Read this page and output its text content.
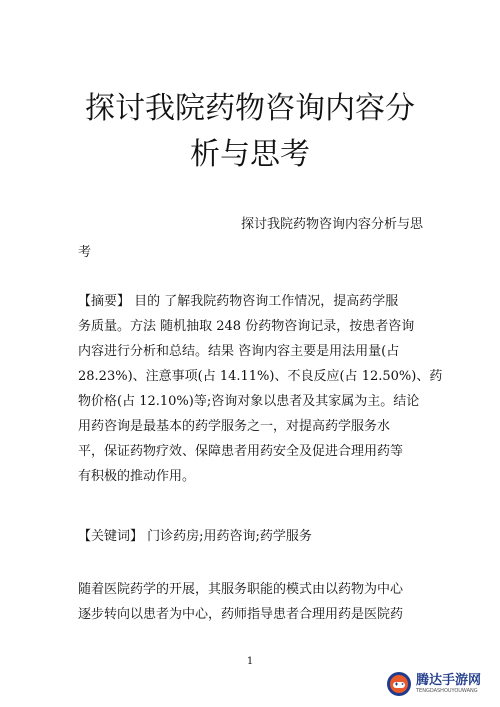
探讨我院药物咨询内容分
析与思考
探讨我院药物咨询内容分析与思
考
【摘要】 目的 了解我院药物咨询工作情况，提高药学服
务质量。方法 随机抽取 248 份药物咨询记录，按患者咨询
内容进行分析和总结。结果 咨询内容主要是用法用量(占
28.23%)、注意事项(占 14.11%)、不良反应(占 12.50%)、药
物价格(占 12.10%)等;咨询对象以患者及其家属为主。结论
用药咨询是最基本的药学服务之一，对提高药学服务水
平，保证药物疗效、保障患者用药安全及促进合理用药等
有积极的推动作用。
【关键词】 门诊药房;用药咨询;药学服务
随着医院药学的开展，其服务职能的模式由以药物为中心
逐步转向以患者为中心，药师指导患者合理用药是医院药
1
腾达手游网
TENGDASHOUYOUWANG
